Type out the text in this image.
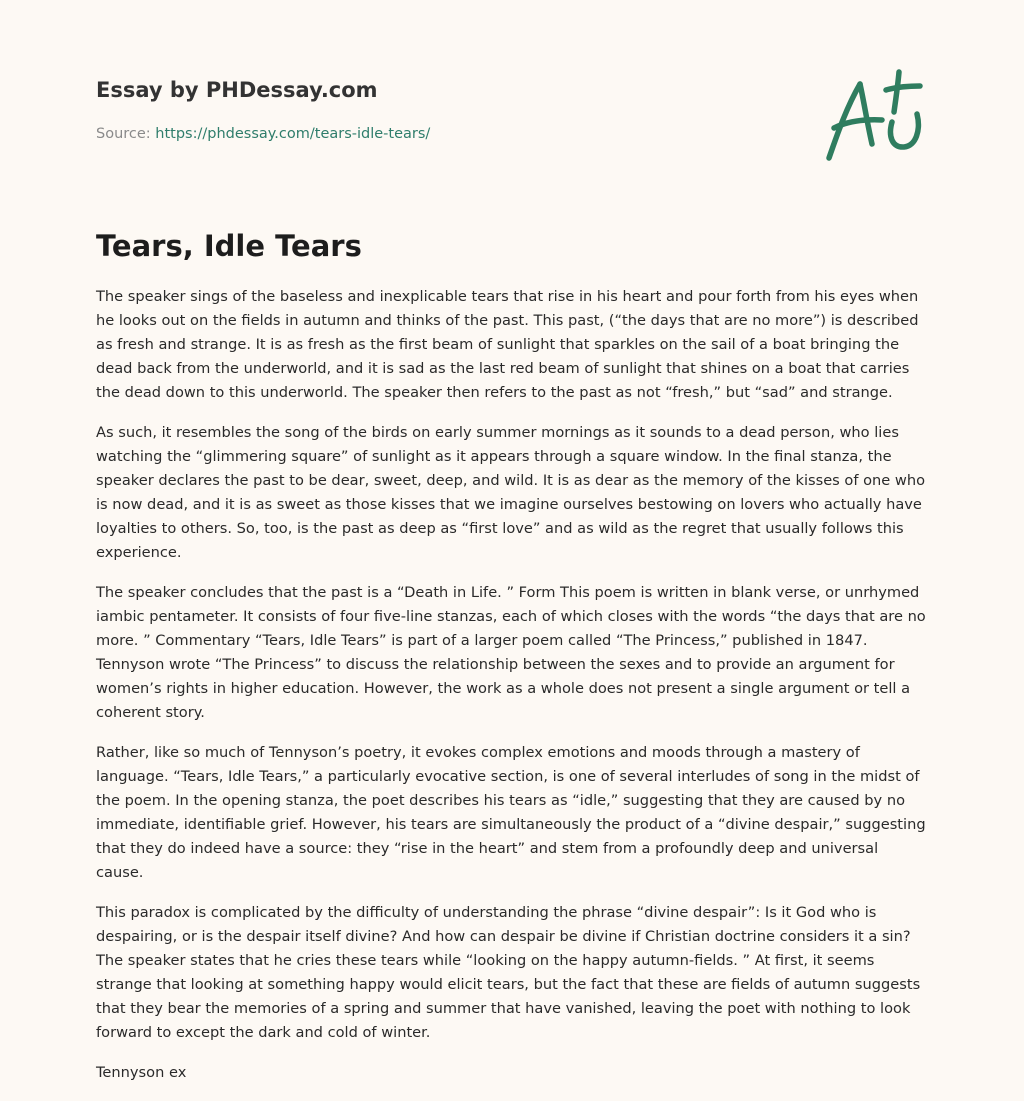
Essay by PHDessay.com
Source: https://phdessay.com/tears-idle-tears/
Tears, Idle Tears

The speaker sings of the baseless and inexplicable tears that rise in his heart and pour forth from his eyes when he looks out on the fields in autumn and thinks of the past. This past, (“the days that are no more”) is described as fresh and strange. It is as fresh as the first beam of sunlight that sparkles on the sail of a boat bringing the dead back from the underworld, and it is sad as the last red beam of sunlight that shines on a boat that carries the dead down to this underworld. The speaker then refers to the past as not “fresh,” but “sad” and strange.

As such, it resembles the song of the birds on early summer mornings as it sounds to a dead person, who lies watching the “glimmering square” of sunlight as it appears through a square window. In the final stanza, the speaker declares the past to be dear, sweet, deep, and wild. It is as dear as the memory of the kisses of one who is now dead, and it is as sweet as those kisses that we imagine ourselves bestowing on lovers who actually have loyalties to others. So, too, is the past as deep as “first love” and as wild as the regret that usually follows this experience.

The speaker concludes that the past is a “Death in Life. ” Form This poem is written in blank verse, or unrhymed iambic pentameter. It consists of four five-line stanzas, each of which closes with the words “the days that are no more. ” Commentary “Tears, Idle Tears” is part of a larger poem called “The Princess,” published in 1847. Tennyson wrote “The Princess” to discuss the relationship between the sexes and to provide an argument for women’s rights in higher education. However, the work as a whole does not present a single argument or tell a coherent story.

Rather, like so much of Tennyson’s poetry, it evokes complex emotions and moods through a mastery of language. “Tears, Idle Tears,” a particularly evocative section, is one of several interludes of song in the midst of the poem. In the opening stanza, the poet describes his tears as “idle,” suggesting that they are caused by no immediate, identifiable grief. However, his tears are simultaneously the product of a “divine despair,” suggesting that they do indeed have a source: they “rise in the heart” and stem from a profoundly deep and universal cause.

This paradox is complicated by the difficulty of understanding the phrase “divine despair”: Is it God who is despairing, or is the despair itself divine? And how can despair be divine if Christian doctrine considers it a sin? The speaker states that he cries these tears while “looking on the happy autumn-fields. ” At first, it seems strange that looking at something happy would elicit tears, but the fact that these are fields of autumn suggests that they bear the memories of a spring and summer that have vanished, leaving the poet with nothing to look forward to except the dark and cold of winter.

Tennyson ex
